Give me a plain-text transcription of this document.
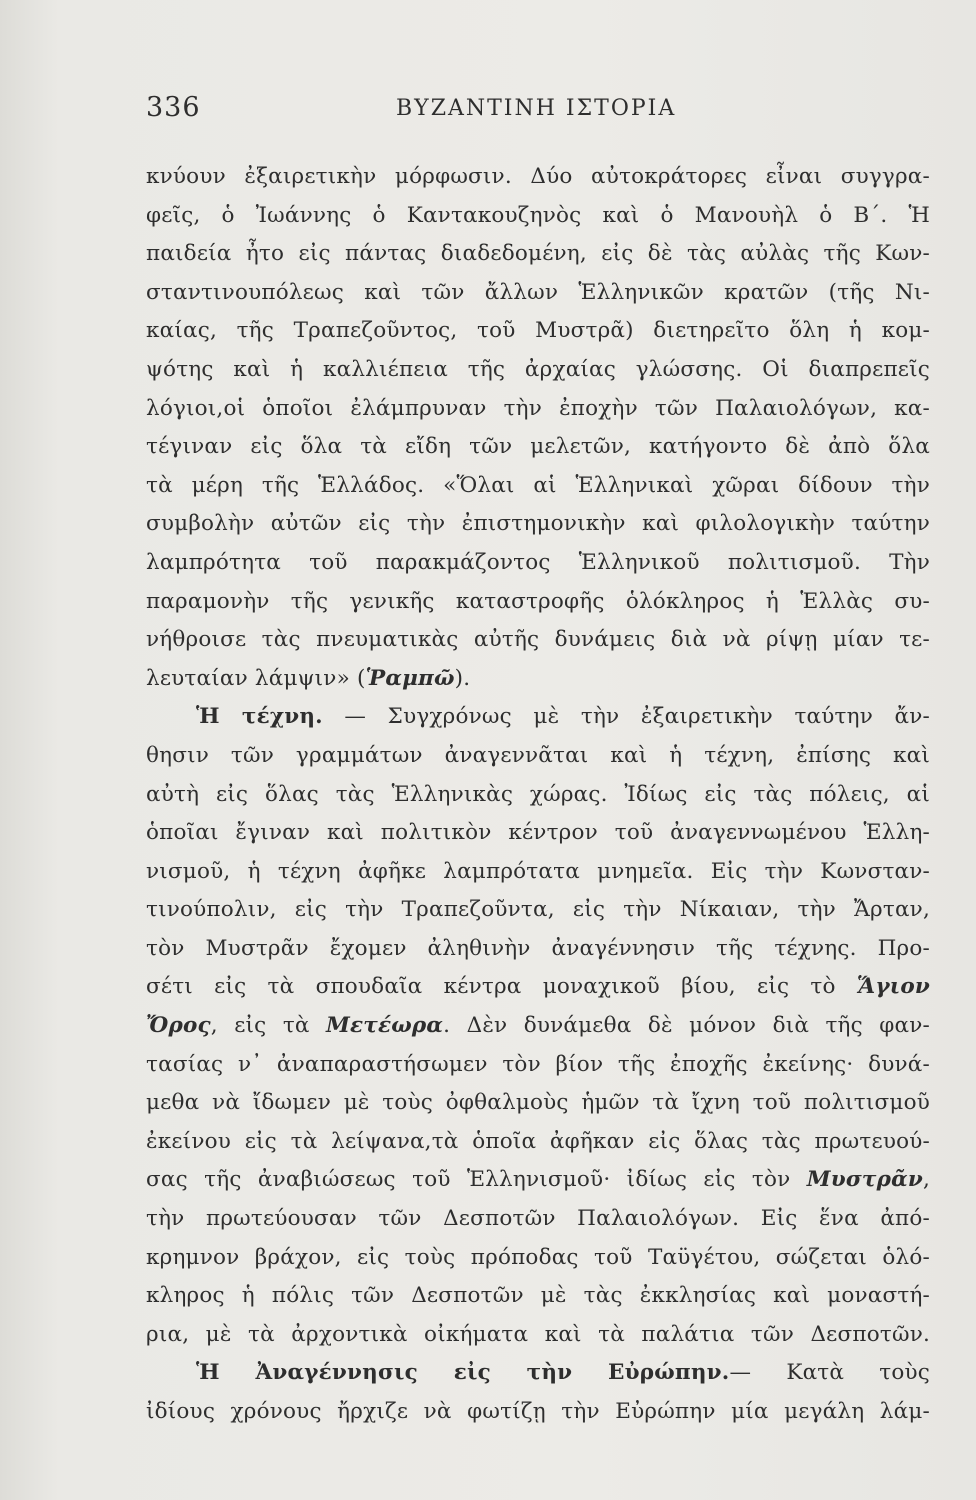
336	ΒΥΖΑΝΤΙΝΗ ΙΣΤΟΡΙΑ
κνύουν ἐξαιρετικὴν μόρφωσιν. Δύο αὐτοκράτορες εἶναι συγγρα-
φεῖς, ὁ Ἰωάννης ὁ Καντακουζηνὸς καὶ ὁ Μανουὴλ ὁ Β΄. Ἡ
παιδεία ἦτο εἰς πάντας διαδεδομένη, εἰς δὲ τὰς αὐλὰς τῆς Κων-
σταντινουπόλεως καὶ τῶν ἄλλων Ἑλληνικῶν κρατῶν (τῆς Νι-
καίας, τῆς Τραπεζοῦντος, τοῦ Μυστρᾶ) διετηρεῖτο ὅλη ἡ κομ-
ψότης καὶ ἡ καλλιέπεια τῆς ἀρχαίας γλώσσης. Οἱ διαπρεπεῖς
λόγιοι,οἱ ὁποῖοι ἐλάμπρυναν τὴν ἐποχὴν τῶν Παλαιολόγων, κα-
τέγιναν εἰς ὅλα τὰ εἴδη τῶν μελετῶν, κατήγοντο δὲ ἀπὸ ὅλα
τὰ μέρη τῆς Ἑλλάδος. «Ὅλαι αἱ Ἑλληνικαὶ χῶραι δίδουν τὴν
συμβολὴν αὐτῶν εἰς τὴν ἐπιστημονικὴν καὶ φιλολογικὴν ταύτην
λαμπρότητα τοῦ παρακμάζοντος Ἑλληνικοῦ πολιτισμοῦ. Τὴν
παραμονὴν τῆς γενικῆς καταστροφῆς ὁλόκληρος ἡ Ἑλλὰς συ-
νήθροισε τὰς πνευματικὰς αὐτῆς δυνάμεις διὰ νὰ ρίψῃ μίαν τε-
λευταίαν λάμψιν» (Ῥαμπῶ).
Ἡ τέχνη. — Συγχρόνως μὲ τὴν ἐξαιρετικὴν ταύτην ἄν-
θησιν τῶν γραμμάτων ἀναγεννᾶται καὶ ἡ τέχνη, ἐπίσης καὶ
αὐτὴ εἰς ὅλας τὰς Ἑλληνικὰς χώρας. Ἰδίως εἰς τὰς πόλεις, αἱ
ὁποῖαι ἔγιναν καὶ πολιτικὸν κέντρον τοῦ ἀναγεννωμένου Ἑλλη-
νισμοῦ, ἡ τέχνη ἀφῆκε λαμπρότατα μνημεῖα. Εἰς τὴν Κωνσταν-
τινούπολιν, εἰς τὴν Τραπεζοῦντα, εἰς τὴν Νίκαιαν, τὴν Ἄρταν,
τὸν Μυστρᾶν ἔχομεν ἀληθινὴν ἀναγέννησιν τῆς τέχνης. Προ-
σέτι εἰς τὰ σπουδαῖα κέντρα μοναχικοῦ βίου, εἰς τὸ Ἅγιον
Ὄρος, εἰς τὰ Μετέωρα. Δὲν δυνάμεθα δὲ μόνον διὰ τῆς φαν-
τασίας ν᾿ ἀναπαραστήσωμεν τὸν βίον τῆς ἐποχῆς ἐκείνης· δυνά-
μεθα νὰ ἴδωμεν μὲ τοὺς ὀφθαλμοὺς ἡμῶν τὰ ἴχνη τοῦ πολιτισμοῦ
ἐκείνου εἰς τὰ λείψανα,τὰ ὁποῖα ἀφῆκαν εἰς ὅλας τὰς πρωτευού-
σας τῆς ἀναβιώσεως τοῦ Ἑλληνισμοῦ· ἰδίως εἰς τὸν Μυστρᾶν,
τὴν πρωτεύουσαν τῶν Δεσποτῶν Παλαιολόγων. Εἰς ἕνα ἀπό-
κρημνον βράχον, εἰς τοὺς πρόποδας τοῦ Ταϋγέτου, σώζεται ὁλό-
κληρος ἡ πόλις τῶν Δεσποτῶν μὲ τὰς ἐκκλησίας καὶ μοναστή-
ρια, μὲ τὰ ἀρχοντικὰ οἰκήματα καὶ τὰ παλάτια τῶν Δεσποτῶν.
Ἡ Ἀναγέννησις εἰς τὴν Εὐρώπην.— Κατὰ τοὺς
ἰδίους χρόνους ἤρχιζε νὰ φωτίζῃ τὴν Εὐρώπην μία μεγάλη λάμ-
